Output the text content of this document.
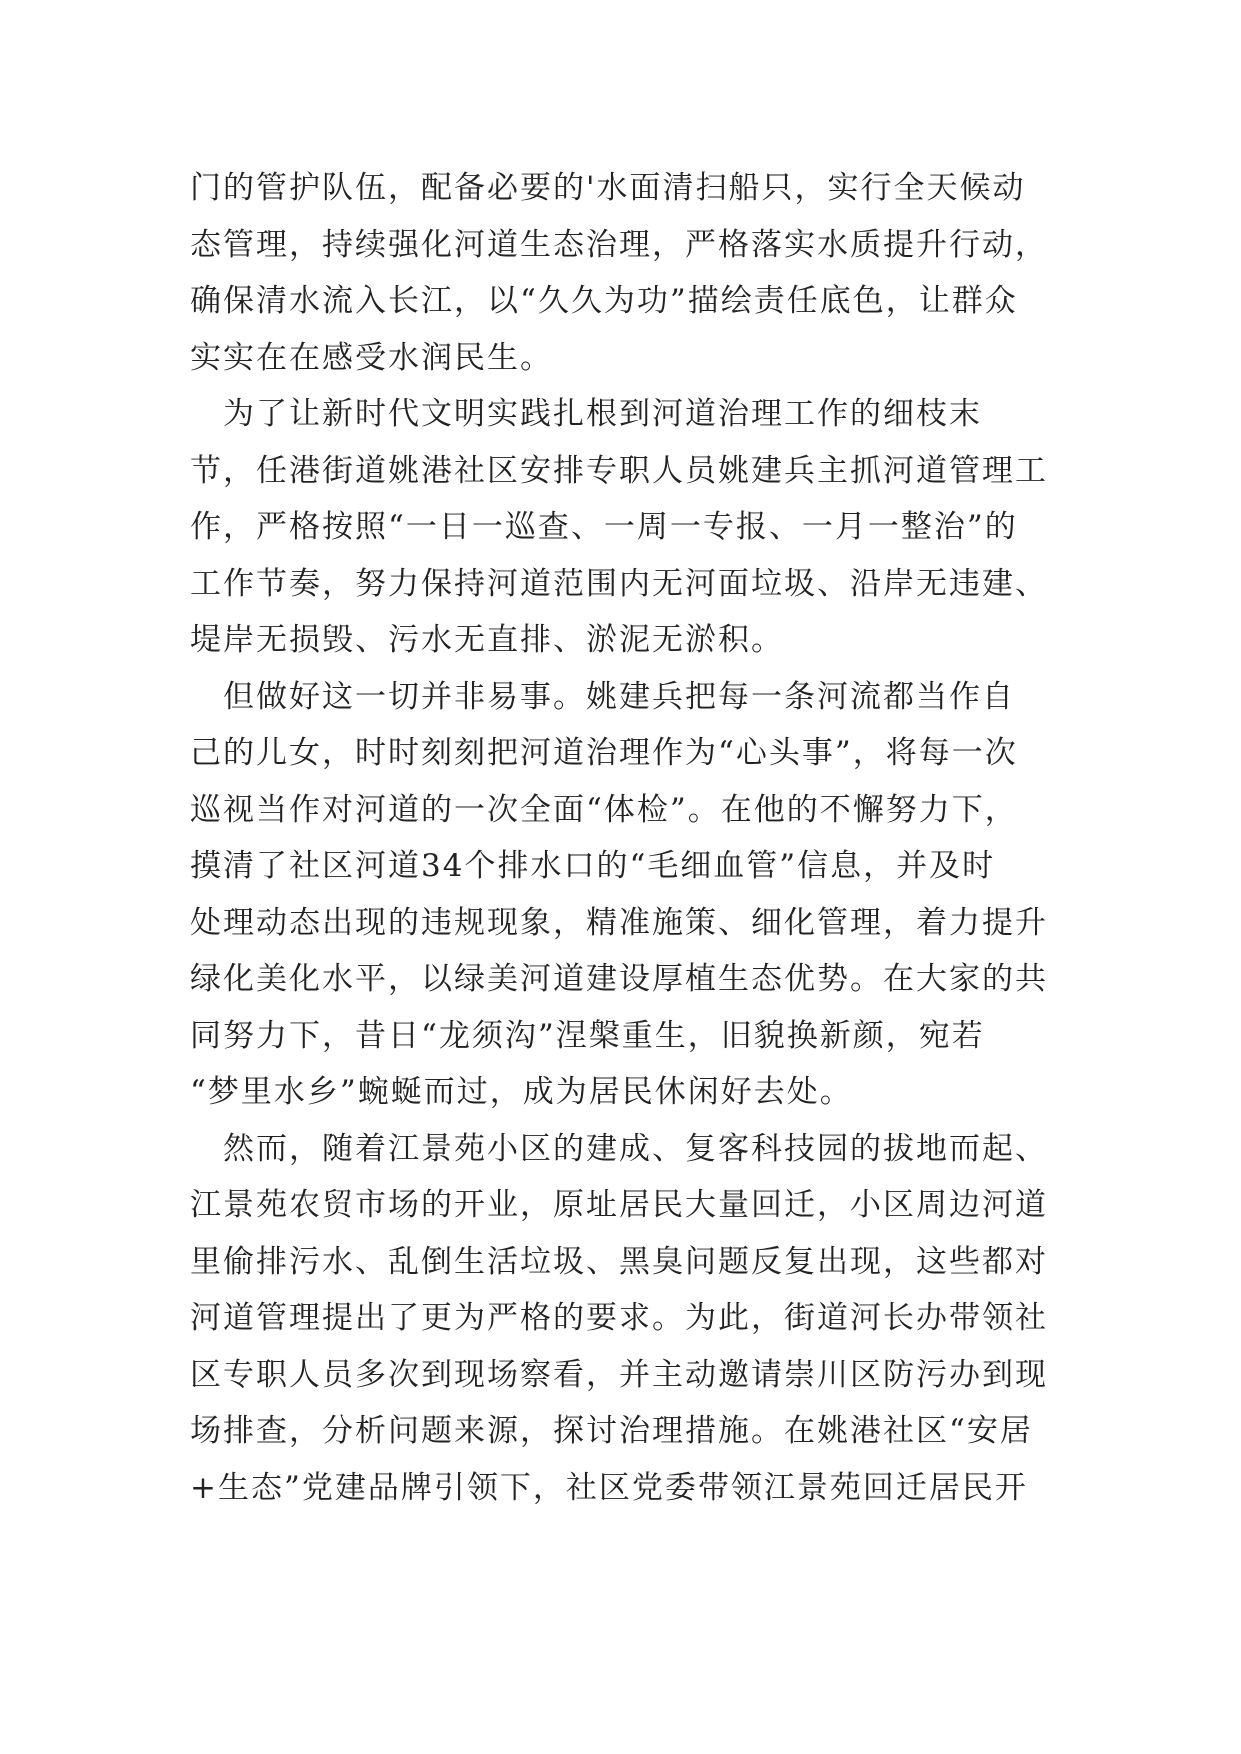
门的管护队伍，配备必要的'水面清扫船只，实行全天候动
态管理，持续强化河道生态治理，严格落实水质提升行动，
确保清水流入长江，以“久久为功”描绘责任底色，让群众
实实在在感受水润民生。
　为了让新时代文明实践扎根到河道治理工作的细枝末
节，任港街道姚港社区安排专职人员姚建兵主抓河道管理工
作，严格按照“一日一巡查、一周一专报、一月一整治”的
工作节奏，努力保持河道范围内无河面垃圾、沿岸无违建、
堤岸无损毁、污水无直排、淤泥无淤积。
　但做好这一切并非易事。姚建兵把每一条河流都当作自
己的儿女，时时刻刻把河道治理作为“心头事”，将每一次
巡视当作对河道的一次全面“体检”。在他的不懈努力下，
摸清了社区河道34个排水口的“毛细血管”信息，并及时
处理动态出现的违规现象，精准施策、细化管理，着力提升
绿化美化水平，以绿美河道建设厚植生态优势。在大家的共
同努力下，昔日“龙须沟”涅槃重生，旧貌换新颜，宛若
“梦里水乡”蜿蜒而过，成为居民休闲好去处。
　然而，随着江景苑小区的建成、复客科技园的拔地而起、
江景苑农贸市场的开业，原址居民大量回迁，小区周边河道
里偷排污水、乱倒生活垃圾、黑臭问题反复出现，这些都对
河道管理提出了更为严格的要求。为此，街道河长办带领社
区专职人员多次到现场察看，并主动邀请崇川区防污办到现
场排查，分析问题来源，探讨治理措施。在姚港社区“安居
+生态”党建品牌引领下，社区党委带领江景苑回迁居民开
